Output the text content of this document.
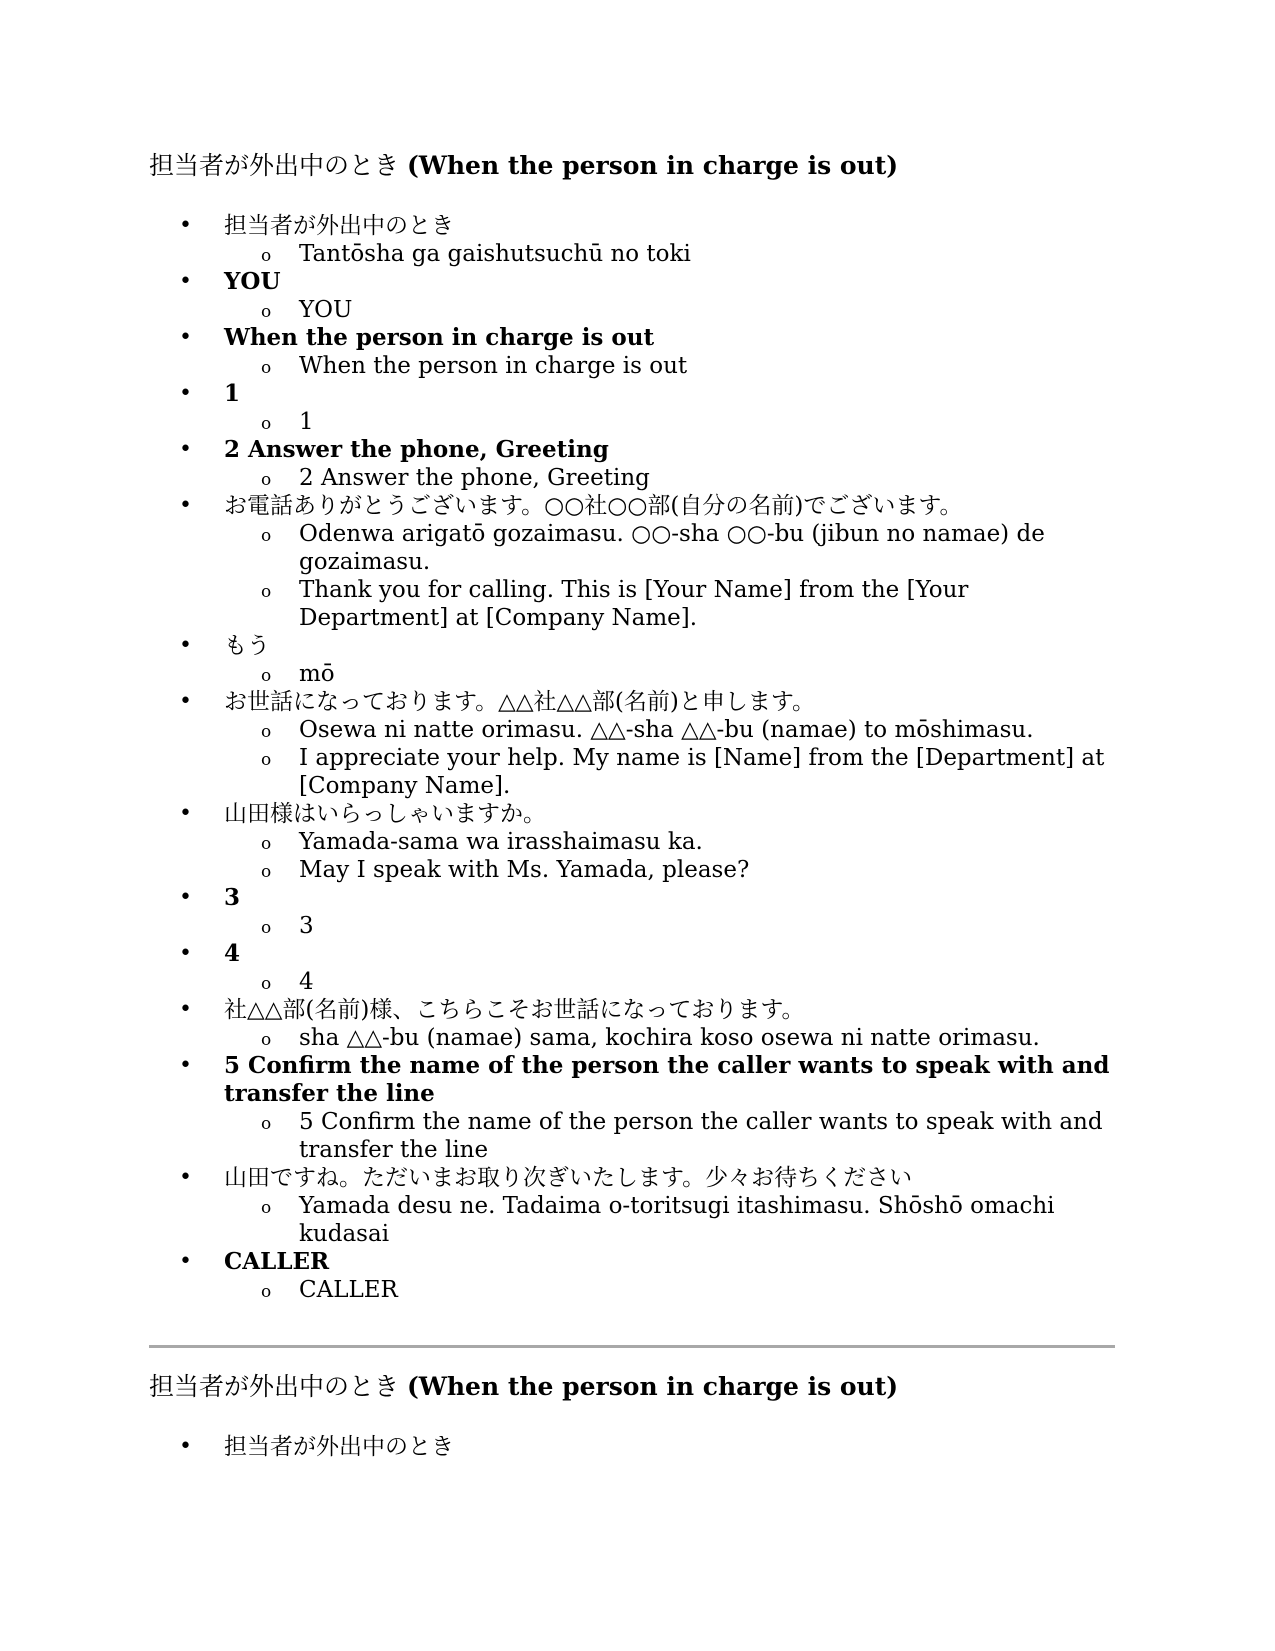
担当者が外出中のとき (When the person in charge is out)
• 担当者が外出中のとき
o Tantōsha ga gaishutsuchū no toki
• YOU
o YOU
• When the person in charge is out
o When the person in charge is out
• 1
o 1
• 2 Answer the phone, Greeting
o 2 Answer the phone, Greeting
• お電話ありがとうございます。○○社○○部(自分の名前)でございます。
o Odenwa arigatō gozaimasu. ○○-sha ○○-bu (jibun no namae) de gozaimasu.
o Thank you for calling. This is [Your Name] from the [Your Department] at [Company Name].
• もう
o mō
• お世話になっております。△△社△△部(名前)と申します。
o Osewa ni natte orimasu. △△-sha △△-bu (namae) to mōshimasu.
o I appreciate your help. My name is [Name] from the [Department] at [Company Name].
• 山田様はいらっしゃいますか。
o Yamada-sama wa irasshaimasu ka.
o May I speak with Ms. Yamada, please?
• 3
o 3
• 4
o 4
• 社△△部(名前)様、こちらこそお世話になっております。
o sha △△-bu (namae) sama, kochira koso osewa ni natte orimasu.
• 5 Confirm the name of the person the caller wants to speak with and transfer the line
o 5 Confirm the name of the person the caller wants to speak with and transfer the line
• 山田ですね。ただいまお取り次ぎいたします。少々お待ちください
o Yamada desu ne. Tadaima o-toritsugi itashimasu. Shōshō omachi kudasai
• CALLER
o CALLER
担当者が外出中のとき (When the person in charge is out)
• 担当者が外出中のとき
